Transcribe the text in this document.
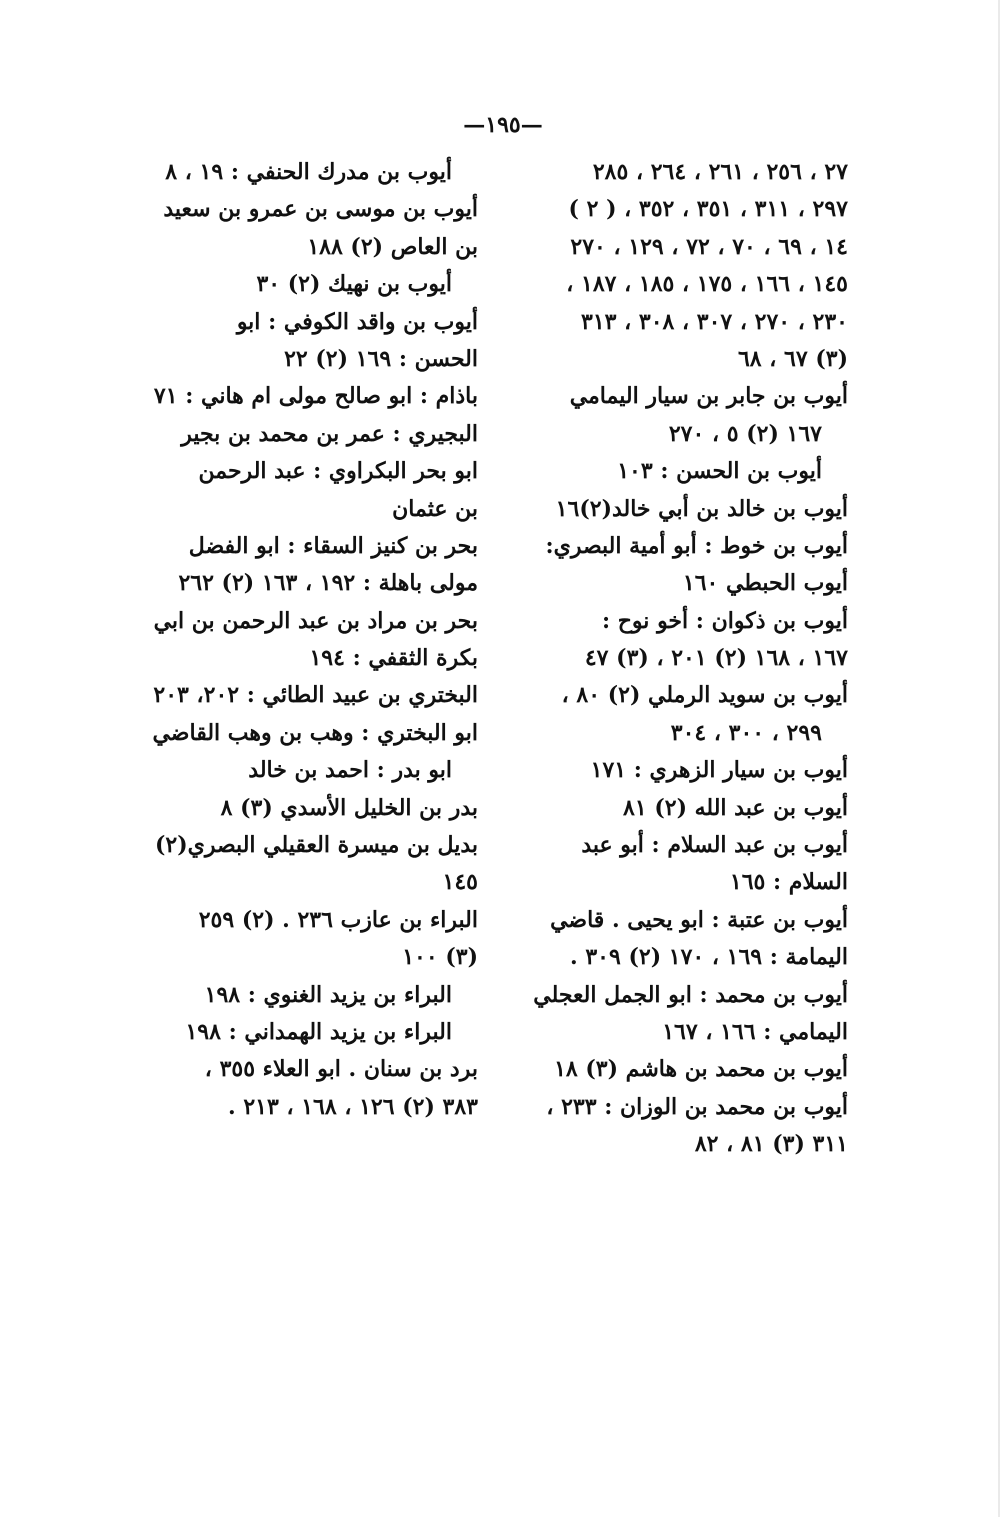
—١٩٥—
٢٧ ، ٢٥٦ ، ٢٦١ ، ٢٦٤ ، ٢٨٥
٢٩٧ ، ٣١١ ، ٣٥١ ، ٣٥٢ ، ( ٢ )
١٤ ، ٦٩ ، ٧٠ ، ٧٢ ، ١٢٩ ، ٢٧٠
١٤٥ ، ١٦٦ ، ١٧٥ ، ١٨٥ ، ١٨٧ ،
٢٣٠ ، ٢٧٠ ، ٣٠٧ ، ٣٠٨ ، ٣١٣
(٣) ٦٧ ، ٦٨
أيوب بن جابر بن سيار اليمامي
١٦٧ (٢) ٥ ، ٢٧٠
أيوب بن الحسن : ١٠٣
أيوب بن خالد بن أبي خالد(٢)١٦
أيوب بن خوط : أبو أمية البصري:
أيوب الحبطي ١٦٠
أيوب بن ذكوان : أخو نوح :
١٦٧ ، ١٦٨ (٢) ٢٠١ ، (٣) ٤٧
أيوب بن سويد الرملي (٢) ٨٠ ،
٢٩٩ ، ٣٠٠ ، ٣٠٤
أيوب بن سيار الزهري : ١٧١
أيوب بن عبد الله (٢) ٨١
أيوب بن عبد السلام : أبو عبد
السلام : ١٦٥
أيوب بن عتبة : ابو يحيى . قاضي
اليمامة : ١٦٩ ، ١٧٠ (٢) ٣٠٩ .
أيوب بن محمد : ابو الجمل العجلي
اليمامي : ١٦٦ ، ١٦٧
أيوب بن محمد بن هاشم (٣) ١٨
أيوب بن محمد بن الوزان : ٢٣٣ ،
٣١١ (٣) ٨١ ، ٨٢
أيوب بن مدرك الحنفي : ١٩ ، ٨
أيوب بن موسى بن عمرو بن سعيد
بن العاص (٢) ١٨٨
أيوب بن نهيك (٢) ٣٠
أيوب بن واقد الكوفي : ابو
الحسن : ١٦٩ (٢) ٢٢
باذام : ابو صالح مولى ام هاني : ٧١
البجيري : عمر بن محمد بن بجير
ابو بحر البكراوي : عبد الرحمن
بن عثمان
بحر بن كنيز السقاء : ابو الفضل
مولى باهلة : ١٩٢ ، ١٦٣ (٢) ٢٦٢
بحر بن مراد بن عبد الرحمن بن ابي
بكرة الثقفي : ١٩٤
البختري بن عبيد الطائي : ٢٠٢، ٢٠٣
ابو البختري : وهب بن وهب القاضي
ابو بدر : احمد بن خالد
بدر بن الخليل الأسدي (٣) ٨
بديل بن ميسرة العقيلي البصري(٢)
١٤٥
البراء بن عازب ٢٣٦ . (٢) ٢٥٩
(٣) ١٠٠
البراء بن يزيد الغنوي : ١٩٨
البراء بن يزيد الهمداني : ١٩٨
برد بن سنان . ابو العلاء ٣٥٥ ،
٣٨٣ (٢) ١٢٦ ، ١٦٨ ، ٢١٣ .
